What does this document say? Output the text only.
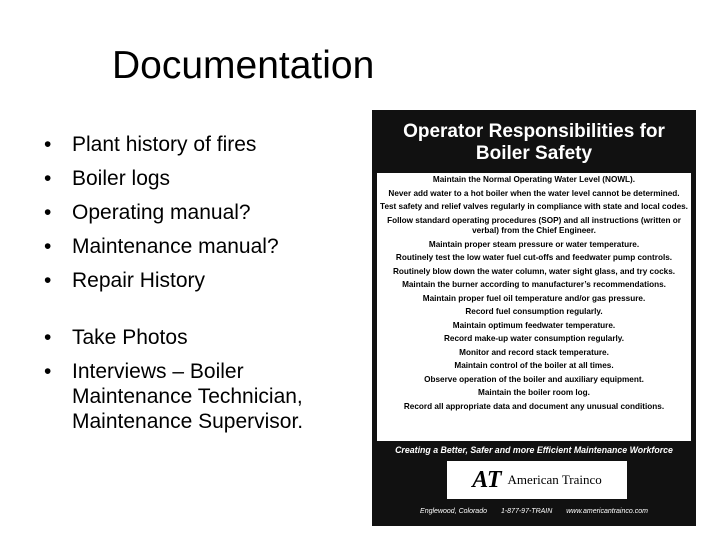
Documentation
• Plant history of fires
• Boiler logs
• Operating manual?
• Maintenance manual?
• Repair History
• Take Photos
• Interviews – Boiler Maintenance Technician, Maintenance Supervisor.
Operator Responsibilities for
Boiler Safety
Maintain the Normal Operating Water Level (NOWL).
Never add water to a hot boiler when the water level cannot be determined.
Test safety and relief valves regularly in compliance with state and local codes.
Follow standard operating procedures (SOP) and all instructions (written or verbal) from the Chief Engineer.
Maintain proper steam pressure or water temperature.
Routinely test the low water fuel cut-offs and feedwater pump controls.
Routinely blow down the water column, water sight glass, and try cocks.
Maintain the burner according to manufacturer’s recommendations.
Maintain proper fuel oil temperature and/or gas pressure.
Record fuel consumption regularly.
Maintain optimum feedwater temperature.
Record make-up water consumption regularly.
Monitor and record stack temperature.
Maintain control of the boiler at all times.
Observe operation of the boiler and auxiliary equipment.
Maintain the boiler room log.
Record all appropriate data and document any unusual conditions.
Creating a Better, Safer and more Efficient Maintenance Workforce
AT American Trainco
Englewood, Colorado 1-877-97-TRAIN www.americantrainco.com
